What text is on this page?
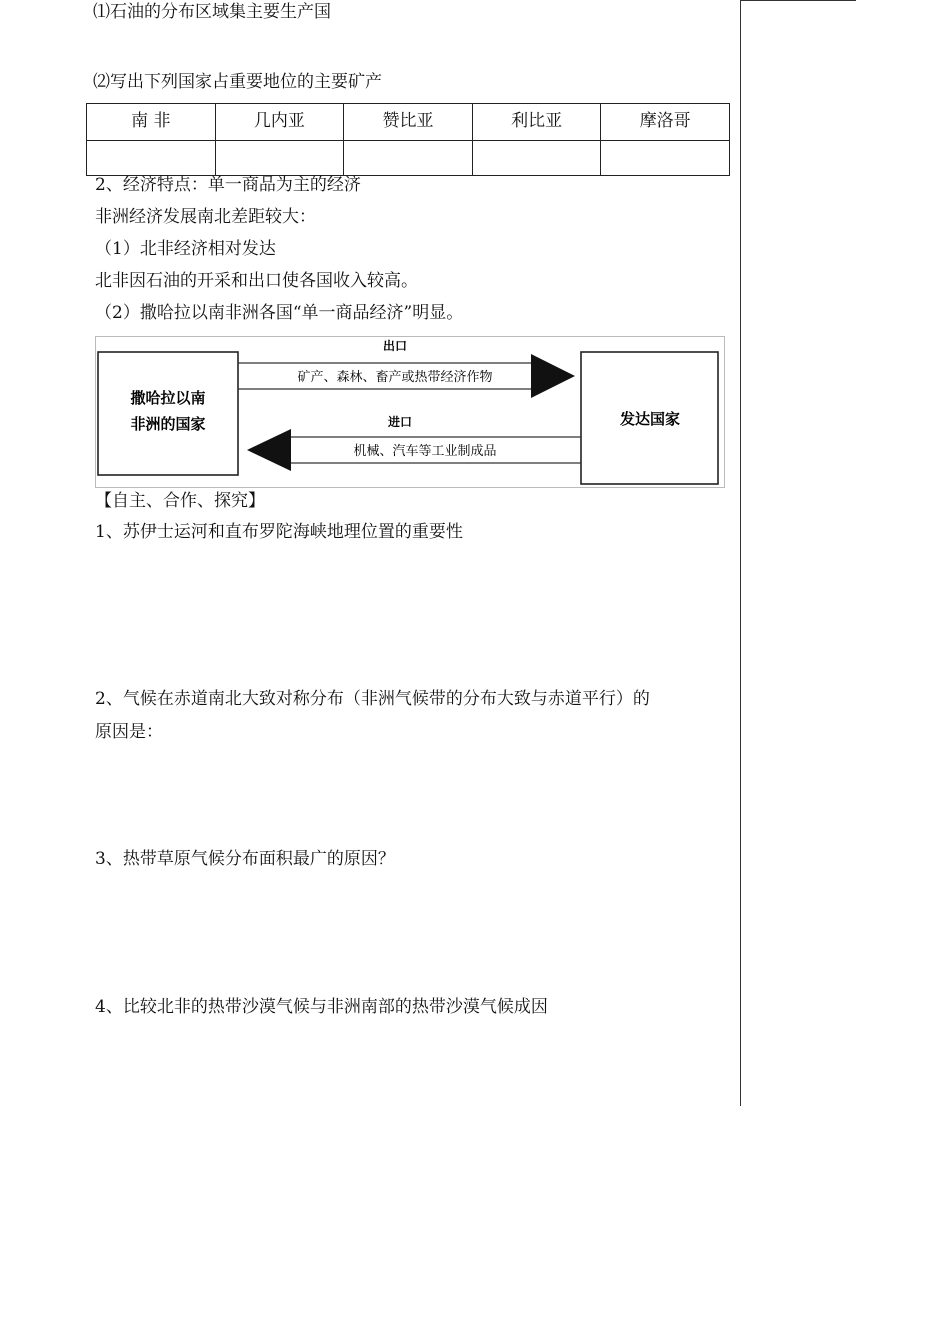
⑴石油的分布区域集主要生产国
⑵写出下列国家占重要地位的主要矿产
南 非	几内亚	赞比亚	利比亚	摩洛哥

2、经济特点：单一商品为主的经济
非洲经济发展南北差距较大：
（1）北非经济相对发达
北非因石油的开采和出口使各国收入较高。
（2）撒哈拉以南非洲各国“单一商品经济”明显。
撒哈拉以南
非洲的国家	发达国家
出口
矿产、森林、畜产或热带经济作物
进口
机械、汽车等工业制成品
【自主、合作、探究】
1、苏伊士运河和直布罗陀海峡地理位置的重要性
2、气候在赤道南北大致对称分布（非洲气候带的分布大致与赤道平行）的
原因是：
3、热带草原气候分布面积最广的原因？
4、比较北非的热带沙漠气候与非洲南部的热带沙漠气候成因
